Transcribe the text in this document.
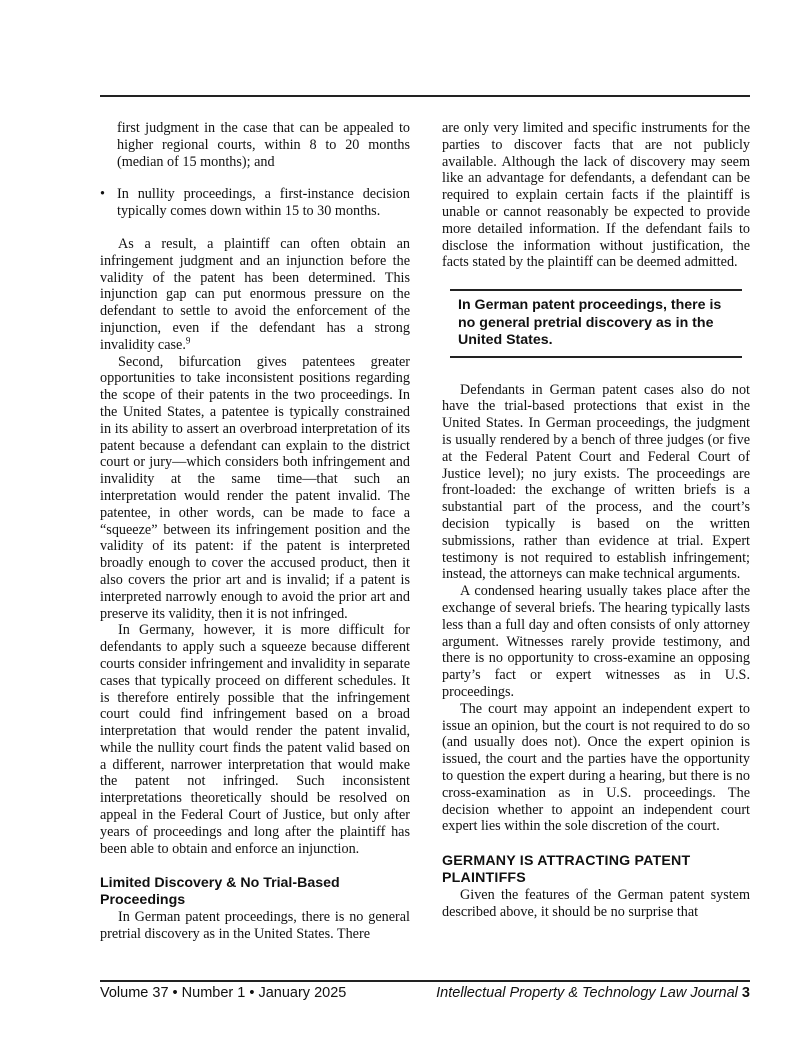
first judgment in the case that can be appealed to higher regional courts, within 8 to 20 months (median of 15 months); and

• In nullity proceedings, a first-instance decision typically comes down within 15 to 30 months.

As a result, a plaintiff can often obtain an infringement judgment and an injunction before the validity of the patent has been determined. This injunction gap can put enormous pressure on the defendant to settle to avoid the enforcement of the injunction, even if the defendant has a strong invalidity case.$^9$

Second, bifurcation gives patentees greater opportunities to take inconsistent positions regarding the scope of their patents in the two proceedings. In the United States, a patentee is typically constrained in its ability to assert an overbroad interpretation of its patent because a defendant can explain to the district court or jury—which considers both infringement and invalidity at the same time—that such an interpretation would render the patent invalid. The patentee, in other words, can be made to face a “squeeze” between its infringement position and the validity of its patent: if the patent is interpreted broadly enough to cover the accused product, then it also covers the prior art and is invalid; if a patent is interpreted narrowly enough to avoid the prior art and preserve its validity, then it is not infringed.

In Germany, however, it is more difficult for defendants to apply such a squeeze because different courts consider infringement and invalidity in separate cases that typically proceed on different schedules. It is therefore entirely possible that the infringement court could find infringement based on a broad interpretation that would render the patent invalid, while the nullity court finds the patent valid based on a different, narrower interpretation that would make the patent not infringed. Such inconsistent interpretations theoretically should be resolved on appeal in the Federal Court of Justice, but only after years of proceedings and long after the plaintiff has been able to obtain and enforce an injunction.

Limited Discovery & No Trial-Based Proceedings

In German patent proceedings, there is no general pretrial discovery as in the United States. There

are only very limited and specific instruments for the parties to discover facts that are not publicly available. Although the lack of discovery may seem like an advantage for defendants, a defendant can be required to explain certain facts if the plaintiff is unable or cannot reasonably be expected to provide more detailed information. If the defendant fails to disclose the information without justification, the facts stated by the plaintiff can be deemed admitted.

In German patent proceedings, there is no general pretrial discovery as in the United States.

Defendants in German patent cases also do not have the trial-based protections that exist in the United States. In German proceedings, the judgment is usually rendered by a bench of three judges (or five at the Federal Patent Court and Federal Court of Justice level); no jury exists. The proceedings are front-loaded: the exchange of written briefs is a substantial part of the process, and the court’s decision typically is based on the written submissions, rather than evidence at trial. Expert testimony is not required to establish infringement; instead, the attorneys can make technical arguments.

A condensed hearing usually takes place after the exchange of several briefs. The hearing typically lasts less than a full day and often consists of only attorney argument. Witnesses rarely provide testimony, and there is no opportunity to cross-examine an opposing party’s fact or expert witnesses as in U.S. proceedings.

The court may appoint an independent expert to issue an opinion, but the court is not required to do so (and usually does not). Once the expert opinion is issued, the court and the parties have the opportunity to question the expert during a hearing, but there is no cross-examination as in U.S. proceedings. The decision whether to appoint an independent court expert lies within the sole discretion of the court.

GERMANY IS ATTRACTING PATENT PLAINTIFFS

Given the features of the German patent system described above, it should be no surprise that

Volume 37 • Number 1 • January 2025	Intellectual Property & Technology Law Journal 3
